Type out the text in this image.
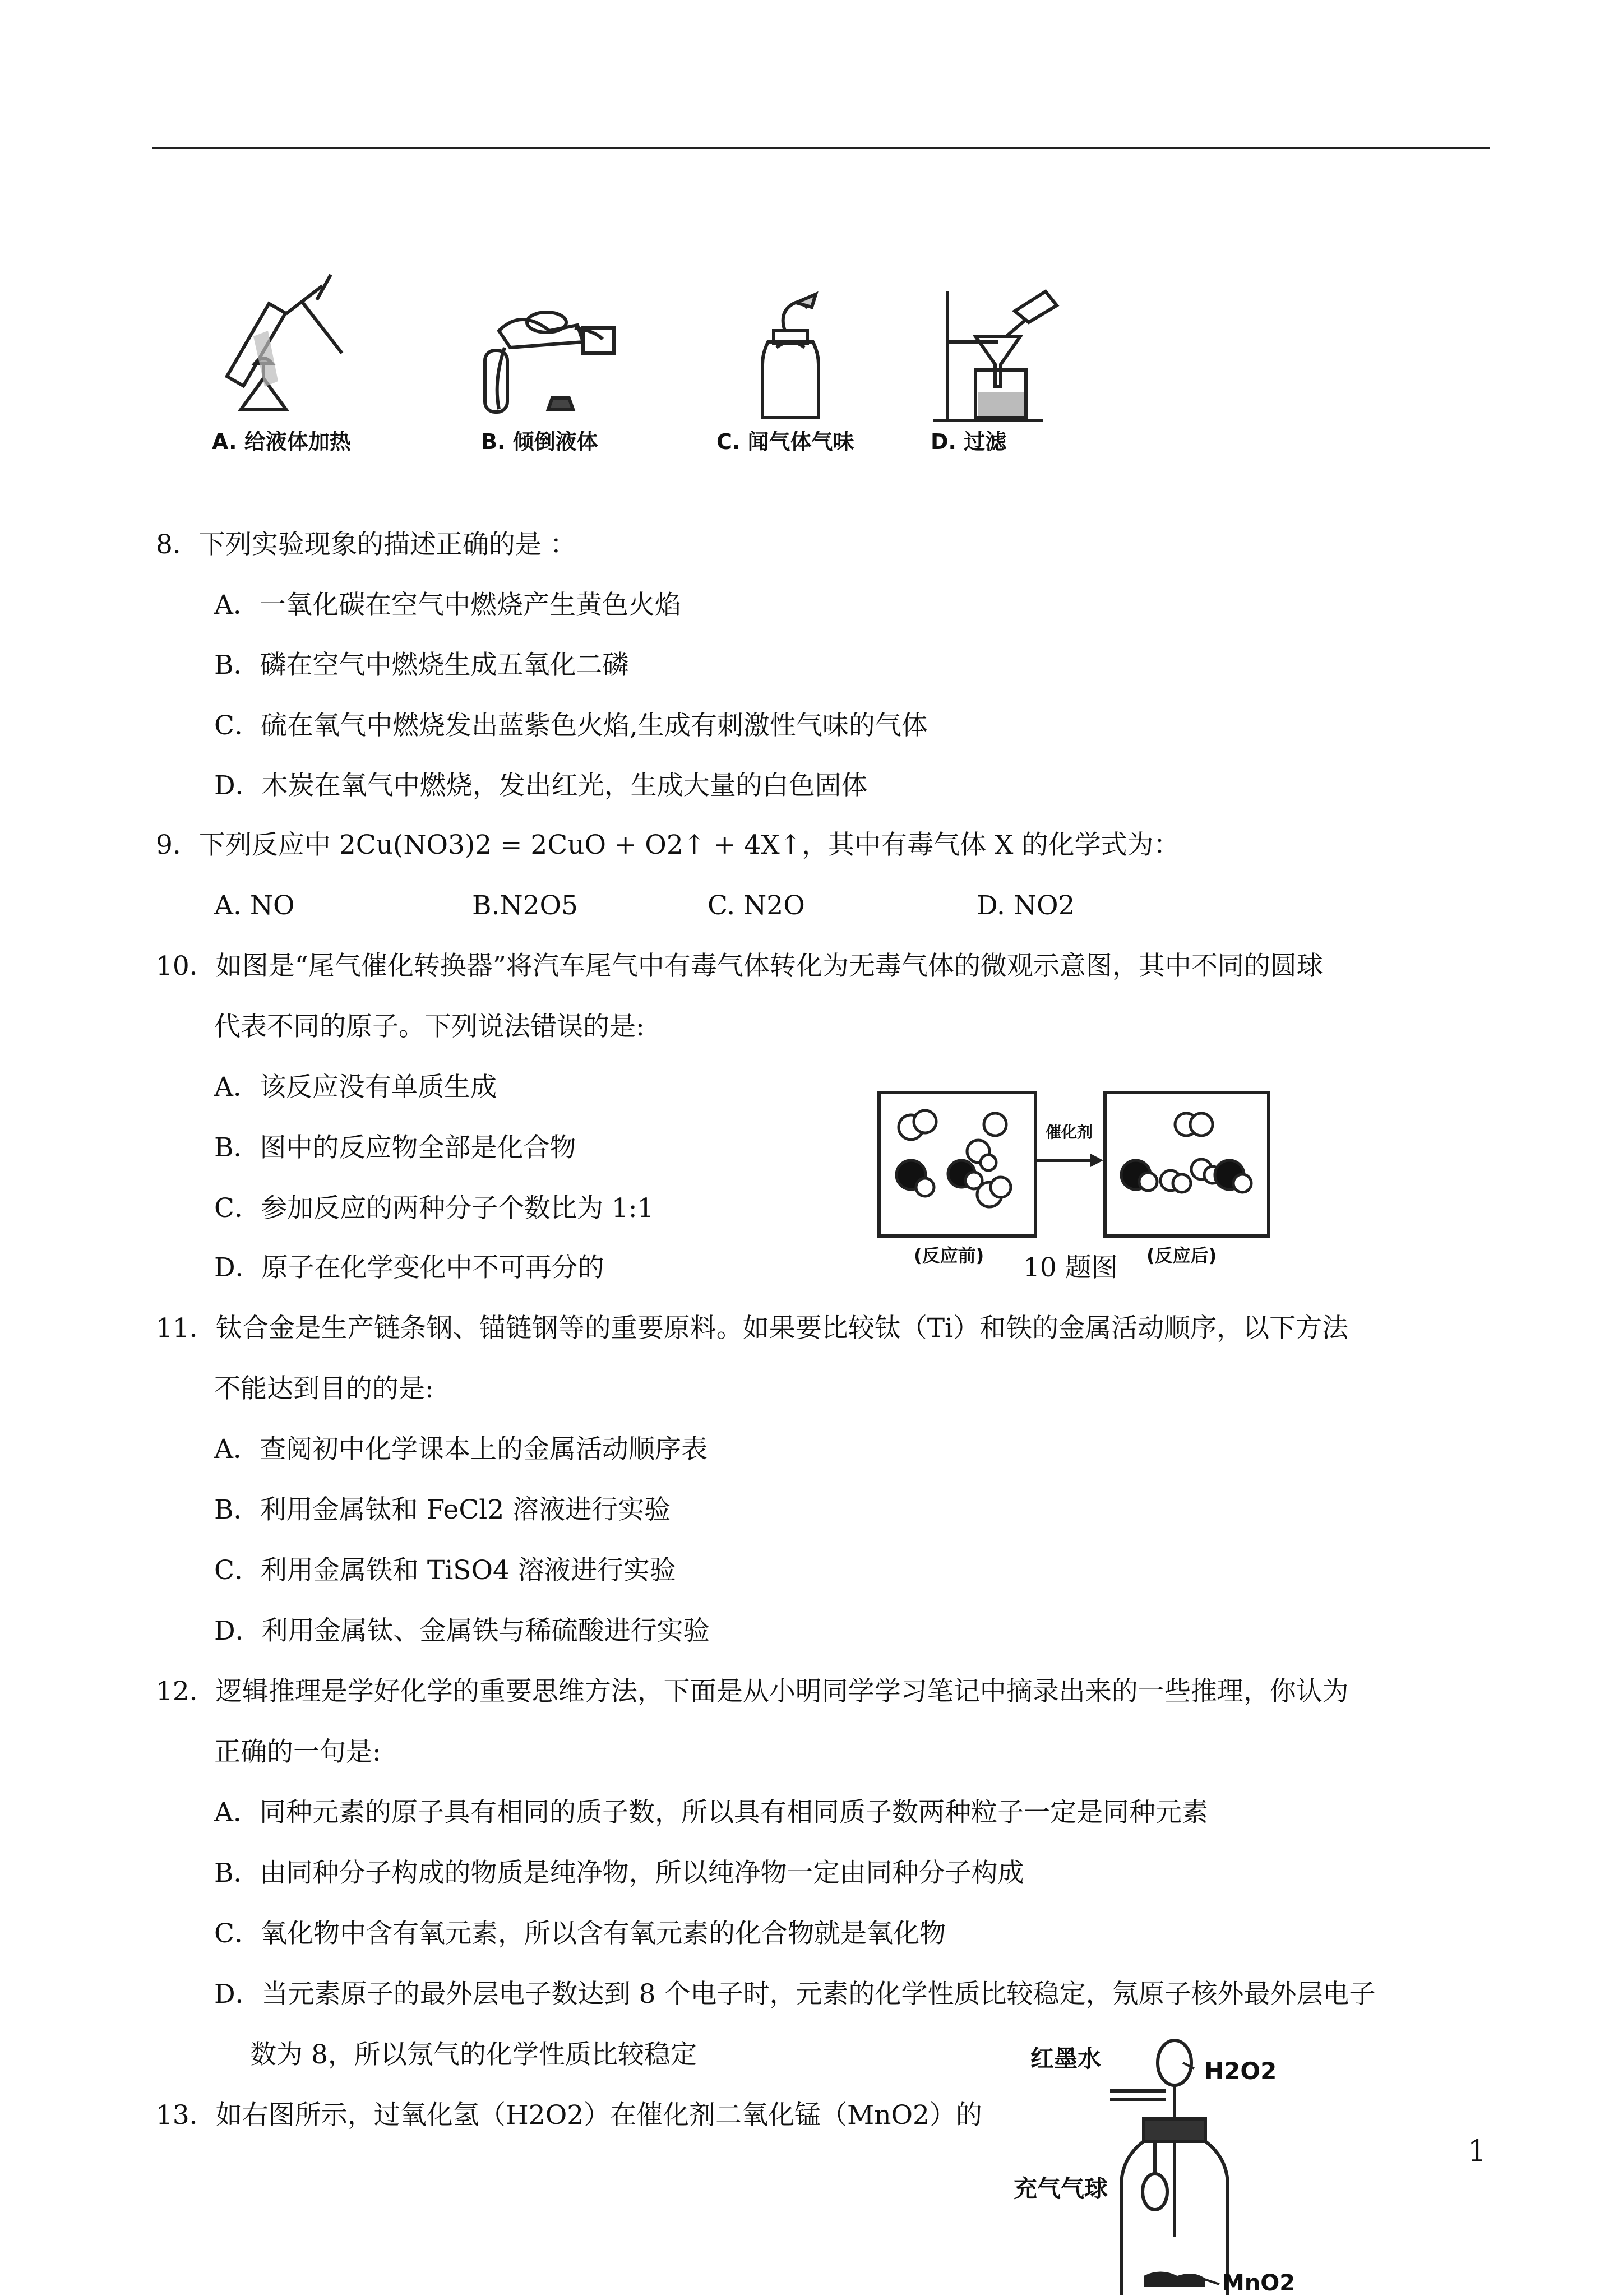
A. 给液体加热	B. 倾倒液体	C. 闻气体气味	D. 过滤
8．下列实验现象的描述正确的是 ：
A．一氧化碳在空气中燃烧产生黄色火焰
B．磷在空气中燃烧生成五氧化二磷
C．硫在氧气中燃烧发出蓝紫色火焰,生成有刺激性气味的气体
D．木炭在氧气中燃烧，发出红光，生成大量的白色固体
9．下列反应中 2Cu(NO3)2 = 2CuO + O2↑ + 4X↑，其中有毒气体 X 的化学式为：
A. NO	B.N2O5	C. N2O	D. NO2
10．如图是“尾气催化转换器”将汽车尾气中有毒气体转化为无毒气体的微观示意图，其中不同的圆球
代表不同的原子。下列说法错误的是:
A．该反应没有单质生成
B．图中的反应物全部是化合物
C．参加反应的两种分子个数比为 1:1
D．原子在化学变化中不可再分的
催化剂
(反应前)	(反应后)
10 题图
11．钛合金是生产链条钢、锚链钢等的重要原料。如果要比较钛（Ti）和铁的金属活动顺序，以下方法
不能达到目的的是:
A．查阅初中化学课本上的金属活动顺序表
B．利用金属钛和 FeCl2 溶液进行实验
C．利用金属铁和 TiSO4 溶液进行实验
D．利用金属钛、金属铁与稀硫酸进行实验
12．逻辑推理是学好化学的重要思维方法，下面是从小明同学学习笔记中摘录出来的一些推理，你认为
正确的一句是:
A．同种元素的原子具有相同的质子数，所以具有相同质子数两种粒子一定是同种元素
B．由同种分子构成的物质是纯净物，所以纯净物一定由同种分子构成
C．氧化物中含有氧元素，所以含有氧元素的化合物就是氧化物
D．当元素原子的最外层电子数达到 8 个电子时，元素的化学性质比较稳定，氖原子核外最外层电子
数为 8，所以氖气的化学性质比较稳定
13．如右图所示，过氧化氢（H2O2）在催化剂二氧化锰（MnO2）的
红墨水	H2O2
充气气球
MnO2
1
